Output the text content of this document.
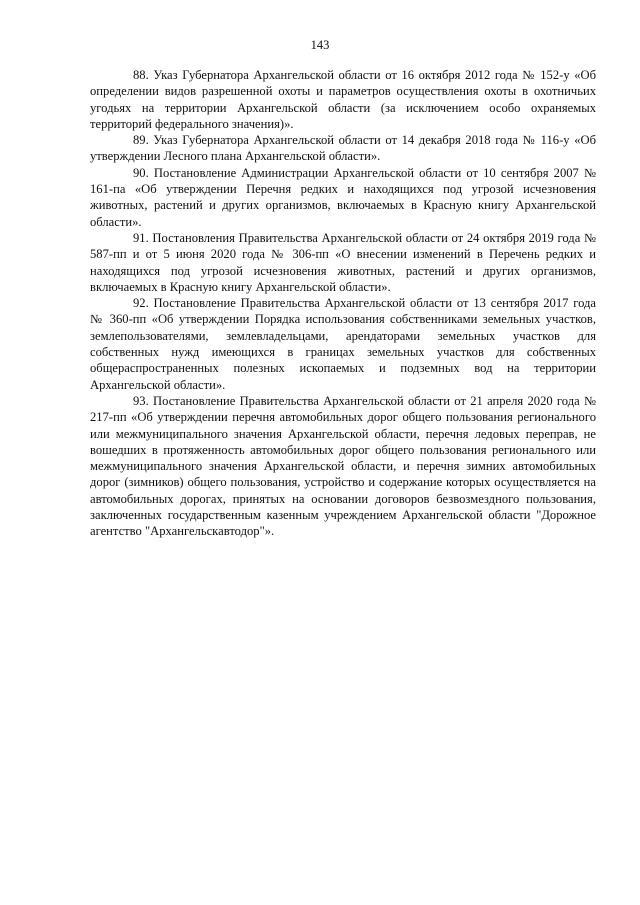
143

88. Указ Губернатора Архангельской области от 16 октября 2012 года № 152-у «Об определении видов разрешенной охоты и параметров осуществления охоты в охотничьих угодьях на территории Архангельской области (за исключением особо охраняемых территорий федерального значения)».

89. Указ Губернатора Архангельской области от 14 декабря 2018 года № 116-у «Об утверждении Лесного плана Архангельской области».

90. Постановление Администрации Архангельской области от 10 сентября 2007 № 161-па «Об утверждении Перечня редких и находящихся под угрозой исчезновения животных, растений и других организмов, включаемых в Красную книгу Архангельской области».

91. Постановления Правительства Архангельской области от 24 октября 2019 года № 587-пп и от 5 июня 2020 года № 306-пп «О внесении изменений в Перечень редких и находящихся под угрозой исчезновения животных, растений и других организмов, включаемых в Красную книгу Архангельской области».

92. Постановление Правительства Архангельской области от 13 сентября 2017 года № 360-пп «Об утверждении Порядка использования собственниками земельных участков, землепользователями, землевладельцами, арендаторами земельных участков для собственных нужд имеющихся в границах земельных участков для собственных общераспространенных полезных ископаемых и подземных вод на территории Архангельской области».

93. Постановление Правительства Архангельской области от 21 апреля 2020 года № 217-пп «Об утверждении перечня автомобильных дорог общего пользования регионального или межмуниципального значения Архангельской области, перечня ледовых переправ, не вошедших в протяженность автомобильных дорог общего пользования регионального или межмуниципального значения Архангельской области, и перечня зимних автомобильных дорог (зимников) общего пользования, устройство и содержание которых осуществляется на автомобильных дорогах, принятых на основании договоров безвозмездного пользования, заключенных государственным казенным учреждением Архангельской области "Дорожное агентство "Архангельскавтодор"».
